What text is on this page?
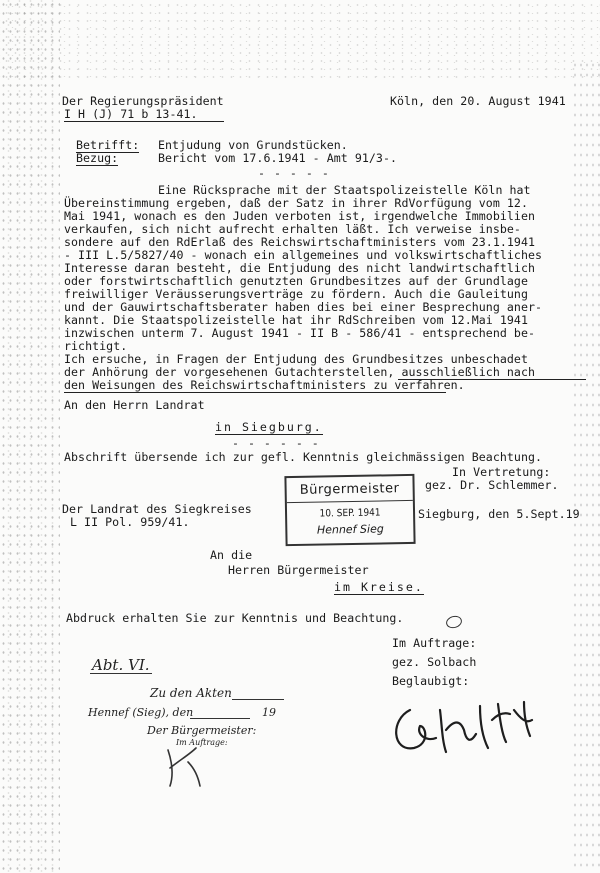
Der Regierungspräsident
I H (J) 71 b 13-41.
Köln, den 20. August 1941
Betrifft: Entjudung von Grundstücken.
Bezug:	Bericht vom 17.6.1941 - Amt 91/3-.
- - - - -
Eine Rücksprache mit der Staatspolizeistelle Köln hat
Übereinstimmung ergeben, daß der Satz in ihrer RdVorfügung vom 12.
Mai 1941, wonach es den Juden verboten ist, irgendwelche Immobilien
verkaufen, sich nicht aufrecht erhalten läßt. Ich verweise insbe-
sondere auf den RdErlaß des Reichswirtschaftministers vom 23.1.1941
- III L.5/5827/40 - wonach ein allgemeines und volkswirtschaftliches
Interesse daran besteht, die Entjudung des nicht landwirtschaftlich
oder forstwirtschaftlich genutzten Grundbesitzes auf der Grundlage
freiwilliger Veräusserungsverträge zu fördern. Auch die Gauleitung
und der Gauwirtschaftsberater haben dies bei einer Besprechung aner-
kannt. Die Staatspolizeistelle hat ihr RdSchreiben vom 12.Mai 1941
inzwischen unterm 7. August 1941 - II B - 586/41 - entsprechend be-
richtigt.
Ich ersuche, in Fragen der Entjudung des Grundbesitzes unbeschadet
der Anhörung der vorgesehenen Gutachterstellen, ausschließlich nach
den Weisungen des Reichswirtschaftministers zu verfahren.
An den Herrn Landrat
in Siegburg.
- - - - - -
Abschrift übersende ich zur gefl. Kenntnis gleichmässigen Beachtung.
In Vertretung:
gez. Dr. Schlemmer.
Der Landrat des Siegkreises
L II Pol. 959/41.
Siegburg, den 5.Sept.19
Bürgermeister
10. SEP. 1941
Hennef Sieg
An die
Herren Bürgermeister
im Kreise.
Abdruck erhalten Sie zur Kenntnis und Beachtung.
Im Auftrage:
gez. Solbach
Beglaubigt:
Abt. VI.
Zu den Akten
Hennef (Sieg), den	19
Der Bürgermeister:
Im Auftrage:
